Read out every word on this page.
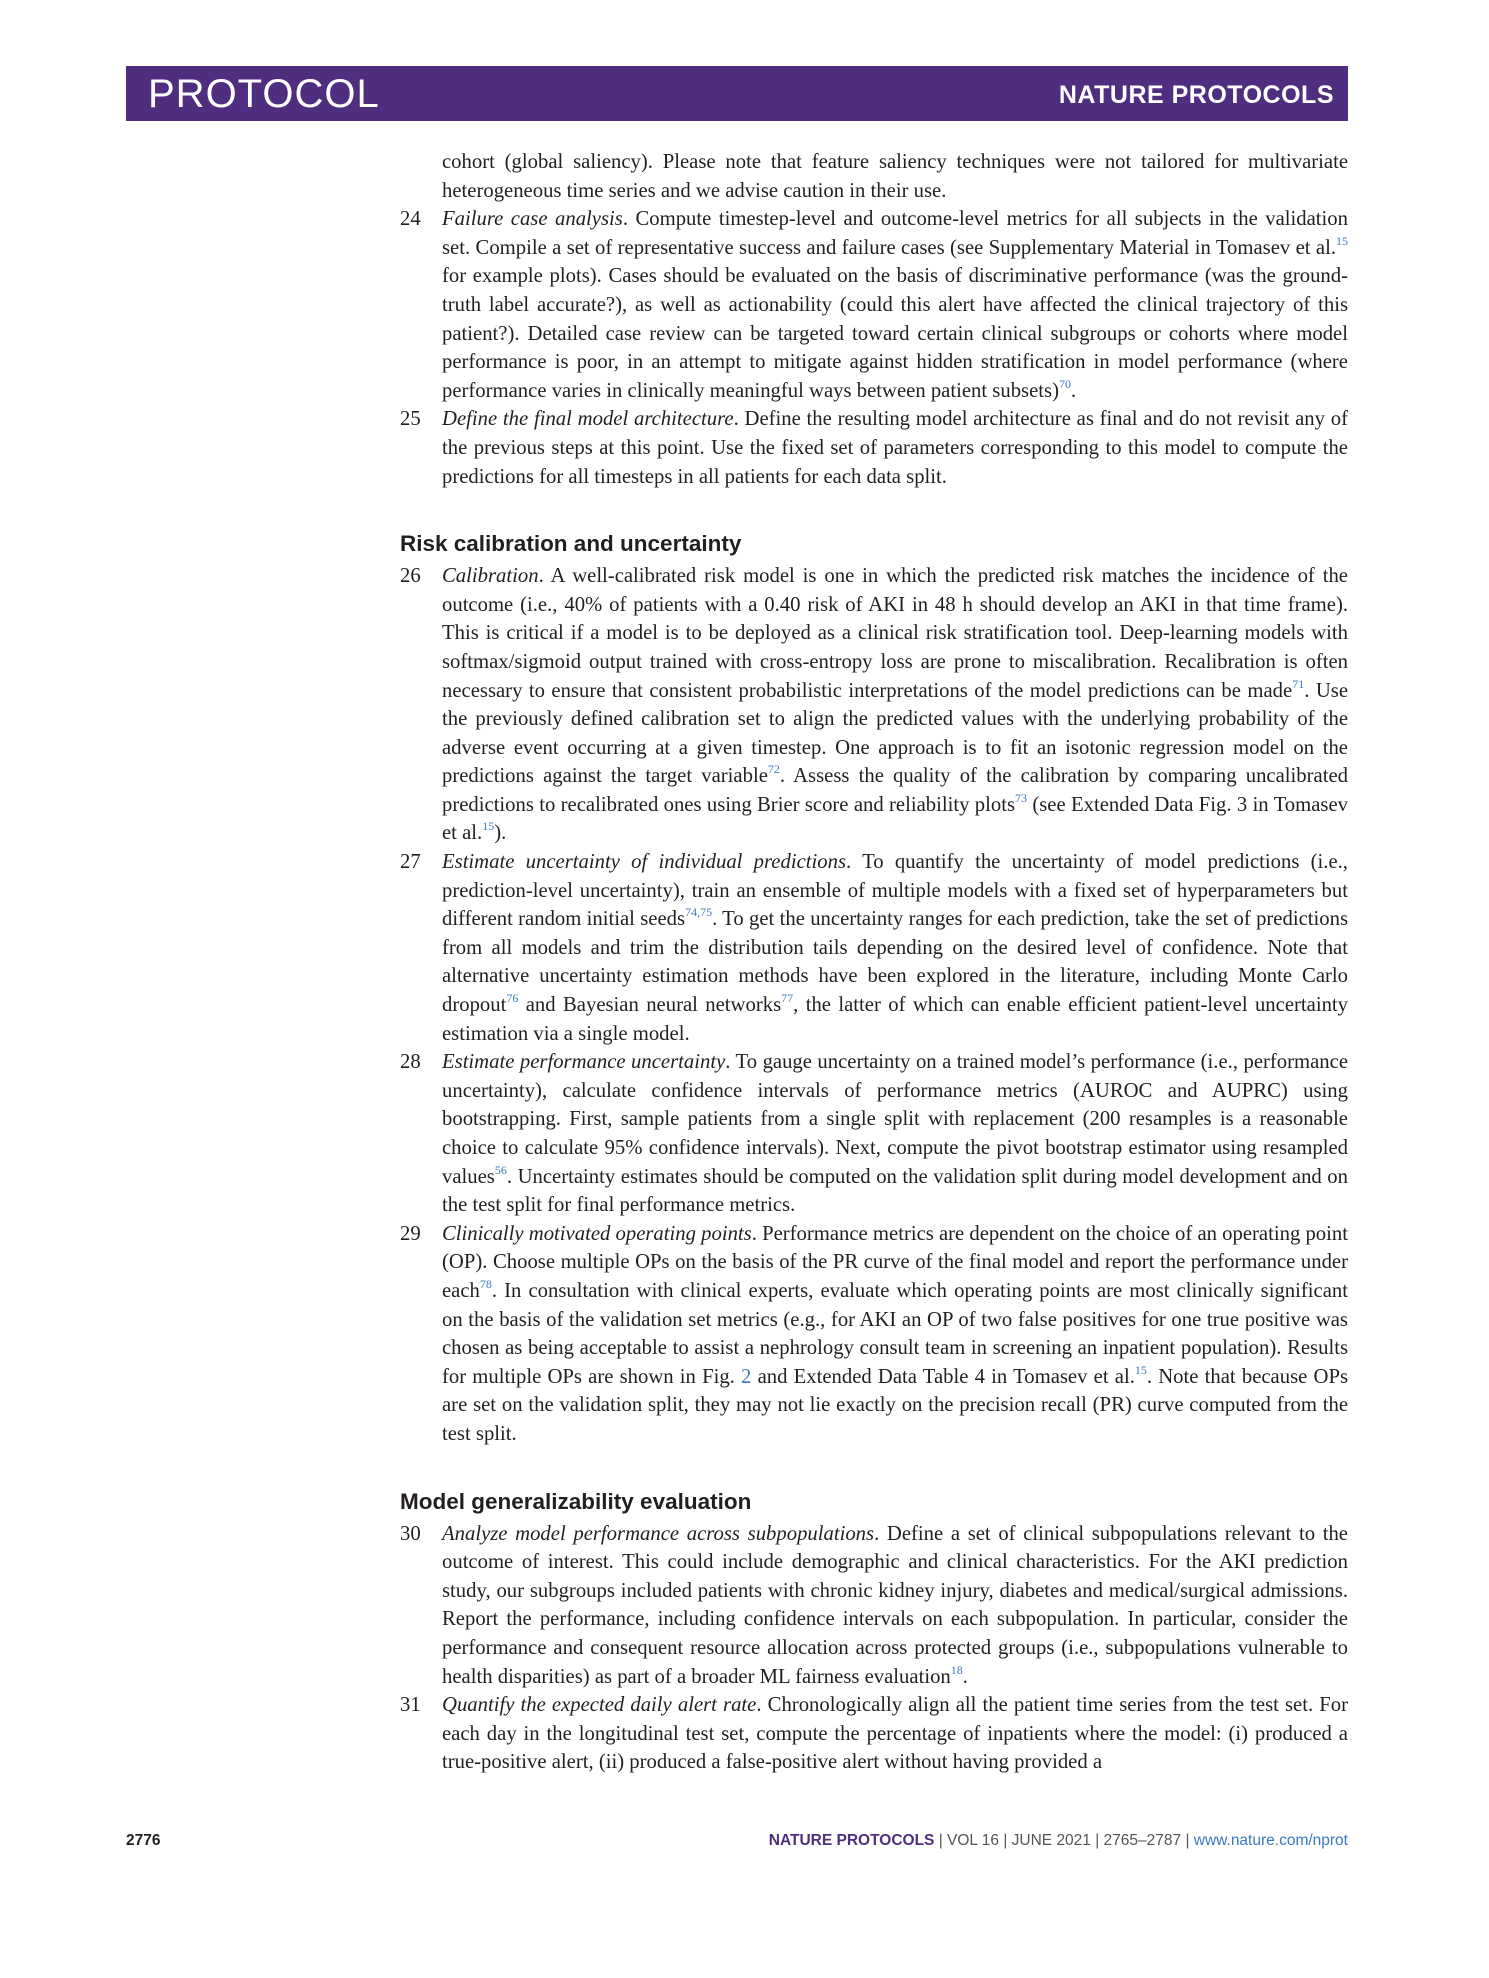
PROTOCOL	NATURE PROTOCOLS

cohort (global saliency). Please note that feature saliency techniques were not tailored for multivariate heterogeneous time series and we advise caution in their use.

24 Failure case analysis. Compute timestep-level and outcome-level metrics for all subjects in the validation set. Compile a set of representative success and failure cases (see Supplementary Material in Tomasev et al.$^{15}$ for example plots). Cases should be evaluated on the basis of discriminative performance (was the ground-truth label accurate?), as well as actionability (could this alert have affected the clinical trajectory of this patient?). Detailed case review can be targeted toward certain clinical subgroups or cohorts where model performance is poor, in an attempt to mitigate against hidden stratification in model performance (where performance varies in clinically meaningful ways between patient subsets)$^{70}$.
25 Define the final model architecture. Define the resulting model architecture as final and do not revisit any of the previous steps at this point. Use the fixed set of parameters corresponding to this model to compute the predictions for all timesteps in all patients for each data split.
Risk calibration and uncertainty
26 Calibration. A well-calibrated risk model is one in which the predicted risk matches the incidence of the outcome (i.e., 40% of patients with a 0.40 risk of AKI in 48 h should develop an AKI in that time frame). This is critical if a model is to be deployed as a clinical risk stratification tool. Deep-learning models with softmax/sigmoid output trained with cross-entropy loss are prone to miscalibration. Recalibration is often necessary to ensure that consistent probabilistic interpretations of the model predictions can be made$^{71}$. Use the previously defined calibration set to align the predicted values with the underlying probability of the adverse event occurring at a given timestep. One approach is to fit an isotonic regression model on the predictions against the target variable$^{72}$. Assess the quality of the calibration by comparing uncalibrated predictions to recalibrated ones using Brier score and reliability plots$^{73}$ (see Extended Data Fig. 3 in Tomasev et al.$^{15}$).
27 Estimate uncertainty of individual predictions. To quantify the uncertainty of model predictions (i.e., prediction-level uncertainty), train an ensemble of multiple models with a fixed set of hyperparameters but different random initial seeds$^{74,75}$. To get the uncertainty ranges for each prediction, take the set of predictions from all models and trim the distribution tails depending on the desired level of confidence. Note that alternative uncertainty estimation methods have been explored in the literature, including Monte Carlo dropout$^{76}$ and Bayesian neural networks$^{77}$, the latter of which can enable efficient patient-level uncertainty estimation via a single model.
28 Estimate performance uncertainty. To gauge uncertainty on a trained model’s performance (i.e., performance uncertainty), calculate confidence intervals of performance metrics (AUROC and AUPRC) using bootstrapping. First, sample patients from a single split with replacement (200 resamples is a reasonable choice to calculate 95% confidence intervals). Next, compute the pivot bootstrap estimator using resampled values$^{56}$. Uncertainty estimates should be computed on the validation split during model development and on the test split for final performance metrics.
29 Clinically motivated operating points. Performance metrics are dependent on the choice of an operating point (OP). Choose multiple OPs on the basis of the PR curve of the final model and report the performance under each$^{78}$. In consultation with clinical experts, evaluate which operating points are most clinically significant on the basis of the validation set metrics (e.g., for AKI an OP of two false positives for one true positive was chosen as being acceptable to assist a nephrology consult team in screening an inpatient population). Results for multiple OPs are shown in Fig. 2 and Extended Data Table 4 in Tomasev et al.$^{15}$. Note that because OPs are set on the validation split, they may not lie exactly on the precision recall (PR) curve computed from the test split.
Model generalizability evaluation
30 Analyze model performance across subpopulations. Define a set of clinical subpopulations relevant to the outcome of interest. This could include demographic and clinical characteristics. For the AKI prediction study, our subgroups included patients with chronic kidney injury, diabetes and medical/surgical admissions. Report the performance, including confidence intervals on each subpopulation. In particular, consider the performance and consequent resource allocation across protected groups (i.e., subpopulations vulnerable to health disparities) as part of a broader ML fairness evaluation$^{18}$.
31 Quantify the expected daily alert rate. Chronologically align all the patient time series from the test set. For each day in the longitudinal test set, compute the percentage of inpatients where the model: (i) produced a true-positive alert, (ii) produced a false-positive alert without having provided a
2776	NATURE PROTOCOLS | VOL 16 | JUNE 2021 | 2765–2787 | www.nature.com/nprot
